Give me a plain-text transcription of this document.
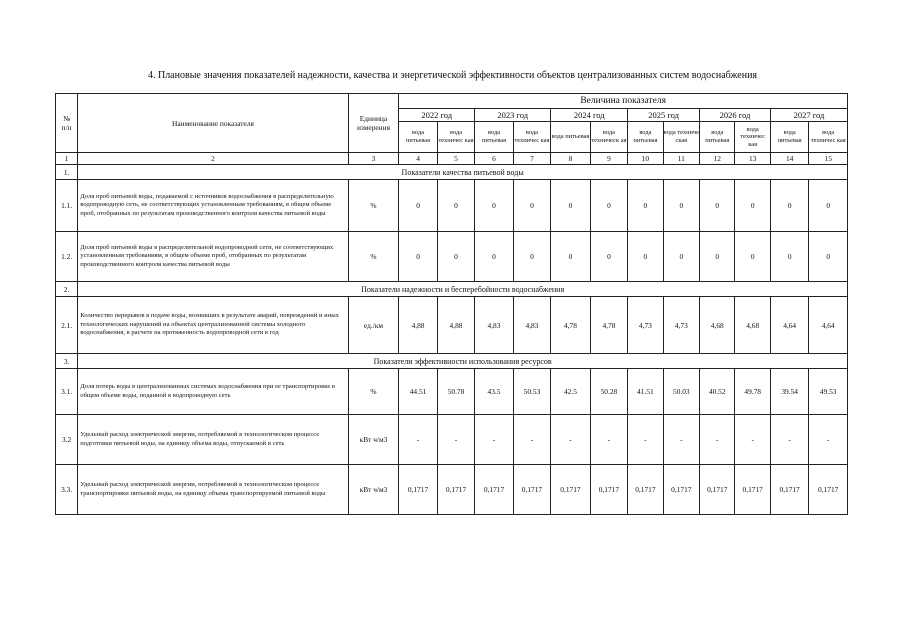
4. Плановые значения показателей надежности, качества и энергетической эффективности объектов централизованных систем водоснабжения
№
п/п	Наименование показателя	Единица
измерения	Величина показателя											
			2022 год		2023 год		2024 год		2025 год		2026 год		2027 год	
			вода питьевая	вода техничес кая	вода питьевая	вода техничес кая	вода питьевая	вода техническ ая	вода питьевая	вода техниче ская	вода питьевая	вода техничес кая	вода питьевая	вода техничес кая
1	2	3	4	5	6	7	8	9	10	11	12	13	14	15
1.	Показатели качества питьевой воды													
1.1.	Доля проб питьевой воды, подаваемой с источников водоснабжения в распределительную водопроводную сеть, не соответствующих установленным требованиям, в общем объеме проб, отобранных по результатам производственного контроля качества питьевой воды	%	0	0	0	0	0	0	0	0	0	0	0	0
1.2.	Доля проб питьевой воды в распределительной водопроводной сети, не соответствующих установленным требованиям, в общем объеме проб, отобранных по результатам производственного контроля качества питьевой воды	%	0	0	0	0	0	0	0	0	0	0	0	0
2.	Показатели надежности и бесперебойности водоснабжения													
2.1.	Количество перерывов в подаче воды, возникших в результате аварий, повреждений и иных технологических нарушений на объектах централизованной системы холодного водоснабжения, в расчете на протяженность водопроводной сети в год	ед./км	4,88	4,88	4,83	4,83	4,78	4,78	4,73	4,73	4,68	4,68	4,64	4,64
3.	Показатели эффективности использования ресурсов													
3.1.	Доля потерь воды в централизованных системах водоснабжения при ее транспортировке в общем объеме воды, поданной в водопроводную сеть	%	44.51	50.78	43.5	50.53	42.5	50.28	41.51	50.03	40.52	49.78	39.54	49.53
3.2	Удельный расход электрической энергии, потребляемой в технологическом процессе подготовки питьевой воды, на единицу объема воды, отпускаемой в сеть	кВт ч/м3	-	-	-	-	-	-	-	-	-	-	-	-
3.3.	Удельный расход электрической энергии, потребляемой в технологическом процессе транспортировки питьевой воды, на единицу объема транспортируемой питьевой воды	кВт ч/м3	0,1717	0,1717	0,1717	0,1717	0,1717	0,1717	0,1717	0,1717	0,1717	0,1717	0,1717	0,1717
